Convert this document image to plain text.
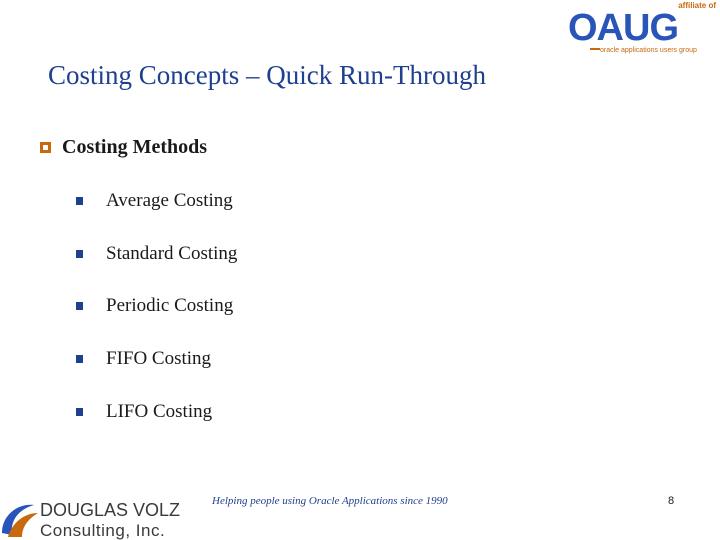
affiliate of
OAUG
oracle applications users group
Costing Concepts – Quick Run-Through
Costing Methods
Average Costing
Standard Costing
Periodic Costing
FIFO Costing
LIFO Costing
DOUGLAS VOLZ
Consulting, Inc.
Helping people using Oracle Applications since 1990	8
